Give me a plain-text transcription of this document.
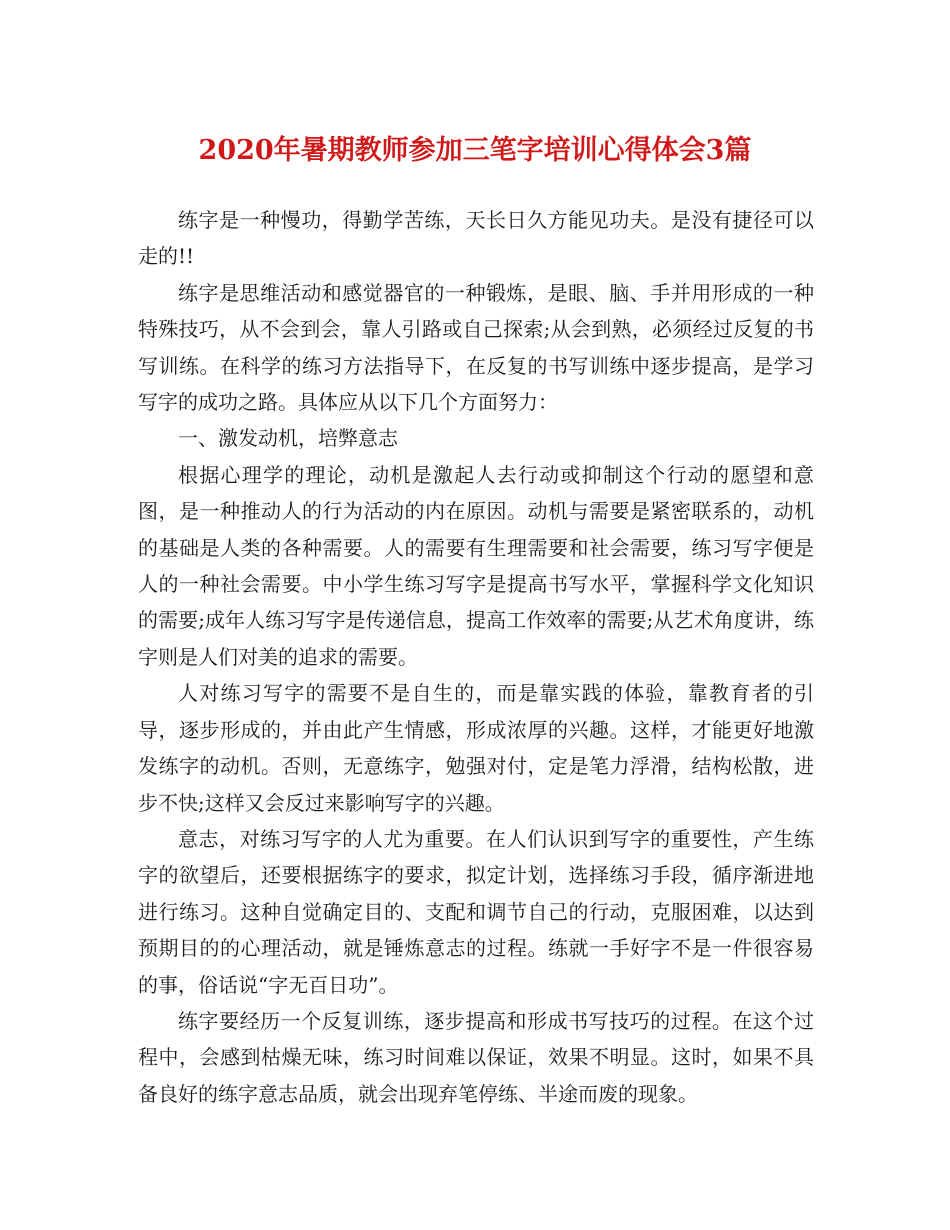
2020年暑期教师参加三笔字培训心得体会3篇

练字是一种慢功，得勤学苦练，天长日久方能见功夫。是没有捷径可以走的!!

练字是思维活动和感觉器官的一种锻炼，是眼、脑、手并用形成的一种特殊技巧，从不会到会，靠人引路或自己探索;从会到熟，必须经过反复的书写训练。在科学的练习方法指导下，在反复的书写训练中逐步提高，是学习写字的成功之路。具体应从以下几个方面努力：

一、激发动机，培弊意志

根据心理学的理论，动机是激起人去行动或抑制这个行动的愿望和意图，是一种推动人的行为活动的内在原因。动机与需要是紧密联系的，动机的基础是人类的各种需要。人的需要有生理需要和社会需要，练习写字便是人的一种社会需要。中小学生练习写字是提高书写水平，掌握科学文化知识的需要;成年人练习写字是传递信息，提高工作效率的需要;从艺术角度讲，练字则是人们对美的追求的需要。

人对练习写字的需要不是自生的，而是靠实践的体验，靠教育者的引导，逐步形成的，并由此产生情感，形成浓厚的兴趣。这样，才能更好地激发练字的动机。否则，无意练字，勉强对付，定是笔力浮滑，结构松散，进步不快;这样又会反过来影响写字的兴趣。

意志，对练习写字的人尤为重要。在人们认识到写字的重要性，产生练字的欲望后，还要根据练字的要求，拟定计划，选择练习手段，循序渐进地进行练习。这种自觉确定目的、支配和调节自己的行动，克服困难，以达到预期目的的心理活动，就是锤炼意志的过程。练就一手好字不是一件很容易的事，俗话说“字无百日功”。

练字要经历一个反复训练，逐步提高和形成书写技巧的过程。在这个过程中，会感到枯燥无味，练习时间难以保证，效果不明显。这时，如果不具备良好的练字意志品质，就会出现弃笔停练、半途而废的现象。
